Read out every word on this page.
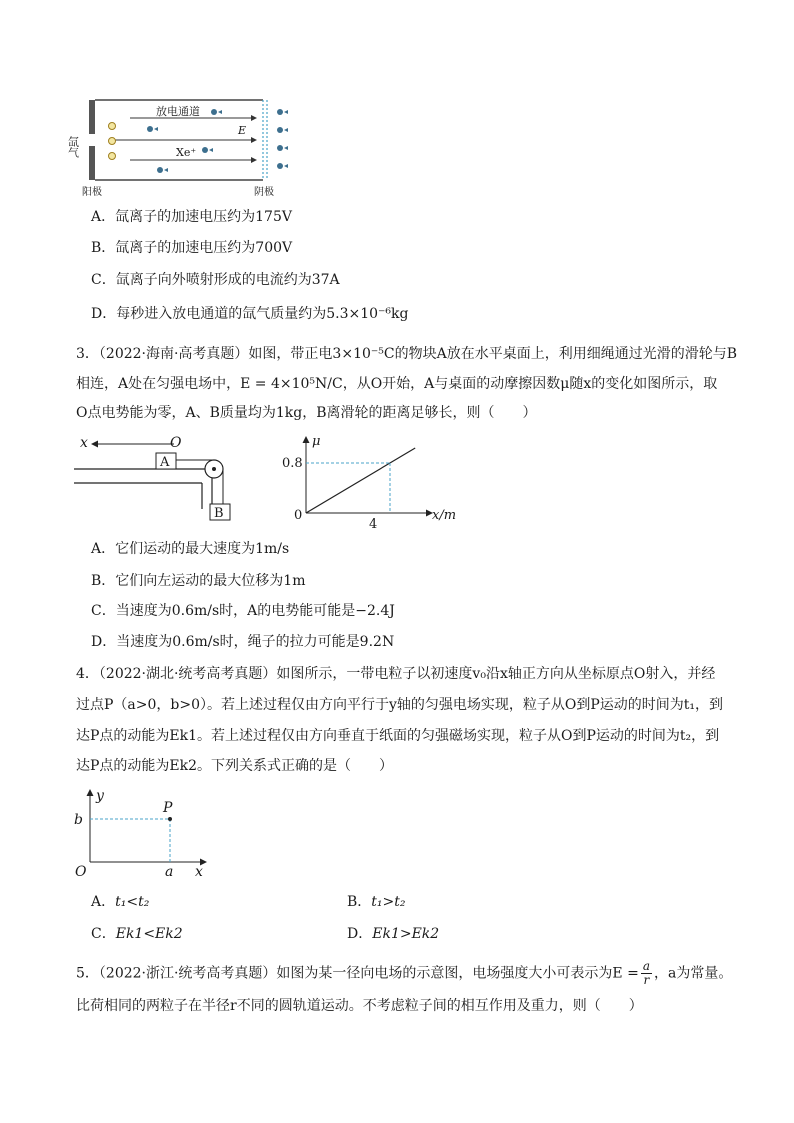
氙气
放电通道
E
Xe⁺
阳极	阴极
A．氙离子的加速电压约为175V
B．氙离子的加速电压约为700V
C．氙离子向外喷射形成的电流约为37A
D．每秒进入放电通道的氙气质量约为5.3×10⁻⁶kg
3．（2022·海南·高考真题）如图，带正电3×10⁻⁵C的物块A放在水平桌面上，利用细绳通过光滑的滑轮与B
相连，A处在匀强电场中，E = 4×10⁵N/C，从O开始，A与桌面的动摩擦因数μ随x的变化如图所示，取
O点电势能为零，A、B质量均为1kg，B离滑轮的距离足够长，则（　　）
x	O
A
B
μ
0.8
0
4
x/m
A．它们运动的最大速度为1m/s
B．它们向左运动的最大位移为1m
C．当速度为0.6m/s时，A的电势能可能是−2.4J
D．当速度为0.6m/s时，绳子的拉力可能是9.2N
4．（2022·湖北·统考高考真题）如图所示，一带电粒子以初速度v₀沿x轴正方向从坐标原点O射入，并经
过点P（a>0，b>0）。若上述过程仅由方向平行于y轴的匀强电场实现，粒子从O到P运动的时间为t₁，到
达P点的动能为Ek1。若上述过程仅由方向垂直于纸面的匀强磁场实现，粒子从O到P运动的时间为t₂，到
达P点的动能为Ek2。下列关系式正确的是（　　）
y
P
b
O	a x
A．t₁<t₂	B．t₁>t₂
C．Ek1<Ek2	D．Ek1>Ek2
5．（2022·浙江·统考高考真题）如图为某一径向电场的示意图，电场强度大小可表示为$E = \frac{a}{r}$ ，a为常量。
比荷相同的两粒子在半径r不同的圆轨道运动。不考虑粒子间的相互作用及重力，则（　　）
